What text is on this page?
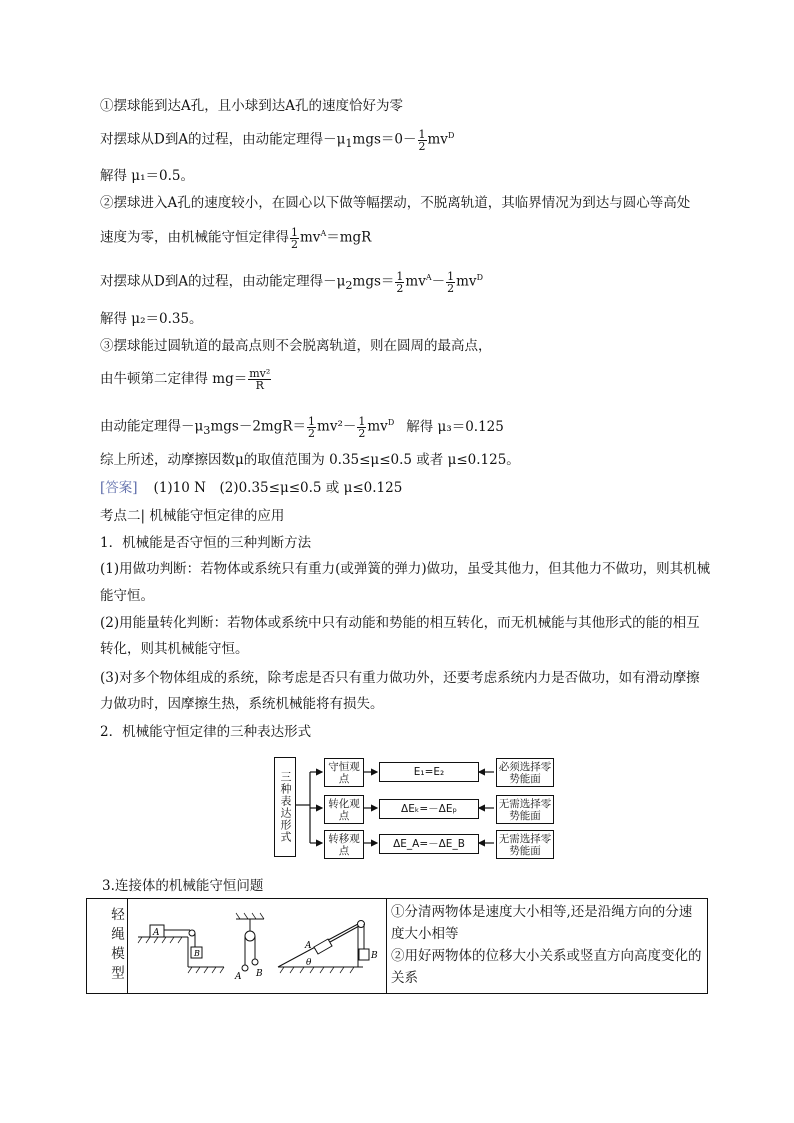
①摆球能到达A孔，且小球到达A孔的速度恰好为零
对摆球从D到A的过程，由动能定理得$-\mu_1mgs=0- \frac{1}{2} mv^D$
解得 μ₁＝0.5。
②摆球进入A孔的速度较小，在圆心以下做等幅摆动，不脱离轨道，其临界情况为到达与圆心等高处
速度为零，由机械能守恒定律得 $\frac{1}{2} mv^A=mgR$
对摆球从D到A的过程，由动能定理得$-\mu_2mgs= \frac{1}{2} mv^A- \frac{1}{2} mv^D$
解得 μ₂＝0.35。
③摆球能过圆轨道的最高点则不会脱离轨道，则在圆周的最高点，
由牛顿第二定律得 $mg= \frac{\text{mv²}}{R}$
由动能定理得$-\mu_3mgs-2mgR= \frac{1}{2} mv^2- \frac{1}{2} mv^D$ 解得 μ₃＝0.125
综上所述，动摩擦因数μ的取值范围为 0.35≤μ≤0.5 或者 μ≤0.125。
[答案] (1)10 N　(2)0.35≤μ≤0.5 或 μ≤0.125
考点二| 机械能守恒定律的应用
1．机械能是否守恒的三种判断方法
(1)用做功判断：若物体或系统只有重力(或弹簧的弹力)做功，虽受其他力，但其他力不做功，则其机械
能守恒。
(2)用能量转化判断：若物体或系统中只有动能和势能的相互转化，而无机械能与其他形式的能的相互
转化，则其机械能守恒。
(3)对多个物体组成的系统，除考虑是否只有重力做功外，还要考虑系统内力是否做功，如有滑动摩擦
力做功时，因摩擦生热，系统机械能将有损失。
2．机械能守恒定律的三种表达形式
三种表达形式
守恒观点
E₁=E₂	必须选择零势能面
转化观点
ΔEₖ=－ΔEₚ	无需选择零势能面
转移观点
ΔE_A=－ΔE_B	无需选择零势能面
3.连接体的机械能守恒问题
轻绳模型	A
B
A B
A
B
θ

①分清两物体是速度大小相等,还是沿绳方向的分速度大小相等
②用好两物体的位移大小关系或竖直方向高度变化的关系
